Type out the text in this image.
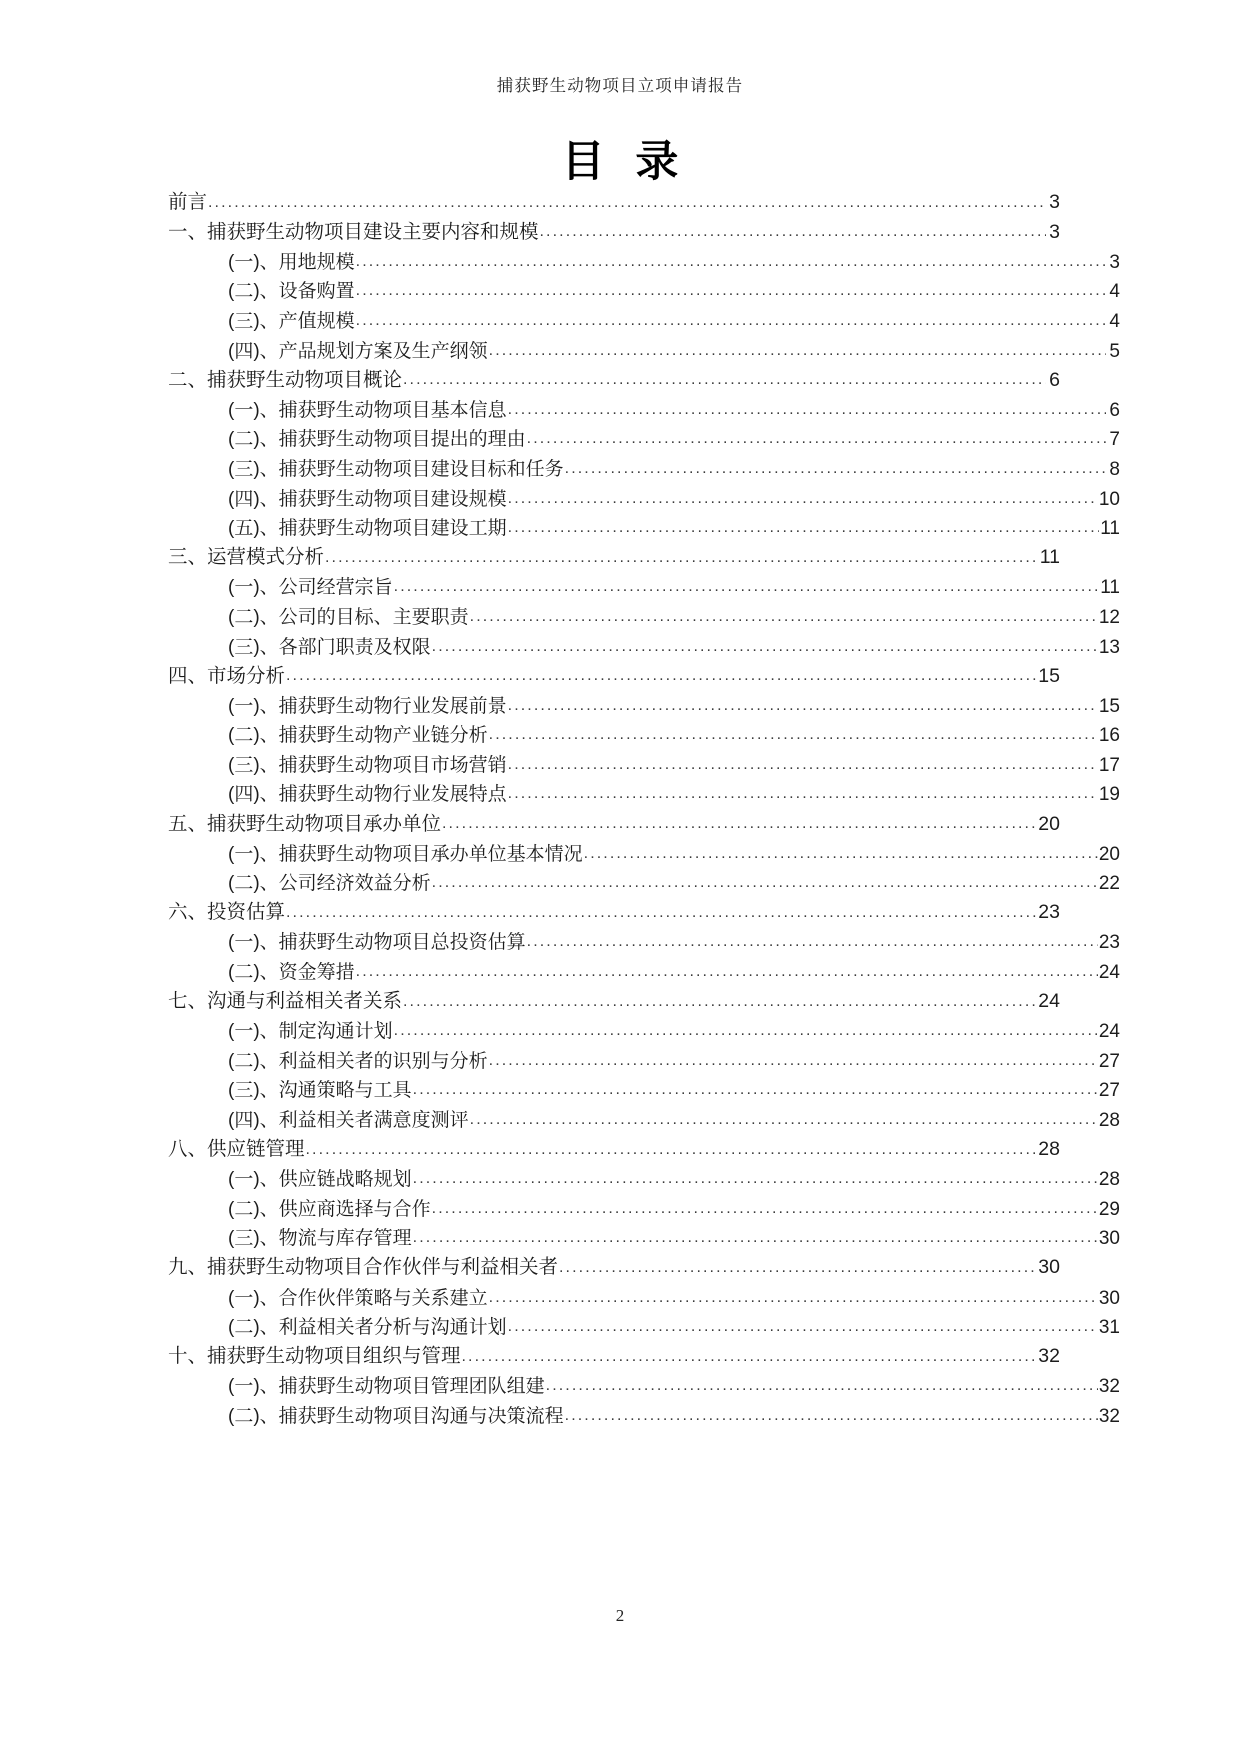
捕获野生动物项目立项申请报告
目 录
前言 .....	3
一、捕获野生动物项目建设主要内容和规模 .....	3
(一)、用地规模 .....	3
(二)、设备购置 .....	4
(三)、产值规模 .....	4
(四)、产品规划方案及生产纲领 .....	5
二、捕获野生动物项目概论 .....	6
(一)、捕获野生动物项目基本信息 .....	6
(二)、捕获野生动物项目提出的理由 .....	7
(三)、捕获野生动物项目建设目标和任务 .....	8
(四)、捕获野生动物项目建设规模 .....	10
(五)、捕获野生动物项目建设工期 .....	11
三、运营模式分析 .....	11
(一)、公司经营宗旨 .....	11
(二)、公司的目标、主要职责 .....	12
(三)、各部门职责及权限 .....	13
四、市场分析 .....	15
(一)、捕获野生动物行业发展前景 .....	15
(二)、捕获野生动物产业链分析 .....	16
(三)、捕获野生动物项目市场营销 .....	17
(四)、捕获野生动物行业发展特点 .....	19
五、捕获野生动物项目承办单位 .....	20
(一)、捕获野生动物项目承办单位基本情况 .....	20
(二)、公司经济效益分析 .....	22
六、投资估算 .....	23
(一)、捕获野生动物项目总投资估算 .....	23
(二)、资金筹措 .....	24
七、沟通与利益相关者关系 .....	24
(一)、制定沟通计划 .....	24
(二)、利益相关者的识别与分析 .....	27
(三)、沟通策略与工具 .....	27
(四)、利益相关者满意度测评 .....	28
八、供应链管理 .....	28
(一)、供应链战略规划 .....	28
(二)、供应商选择与合作 .....	29
(三)、物流与库存管理 .....	30
九、捕获野生动物项目合作伙伴与利益相关者 .....	30
(一)、合作伙伴策略与关系建立 .....	30
(二)、利益相关者分析与沟通计划 .....	31
十、捕获野生动物项目组织与管理 .....	32
(一)、捕获野生动物项目管理团队组建 .....	32
(二)、捕获野生动物项目沟通与决策流程 .....	32
2
